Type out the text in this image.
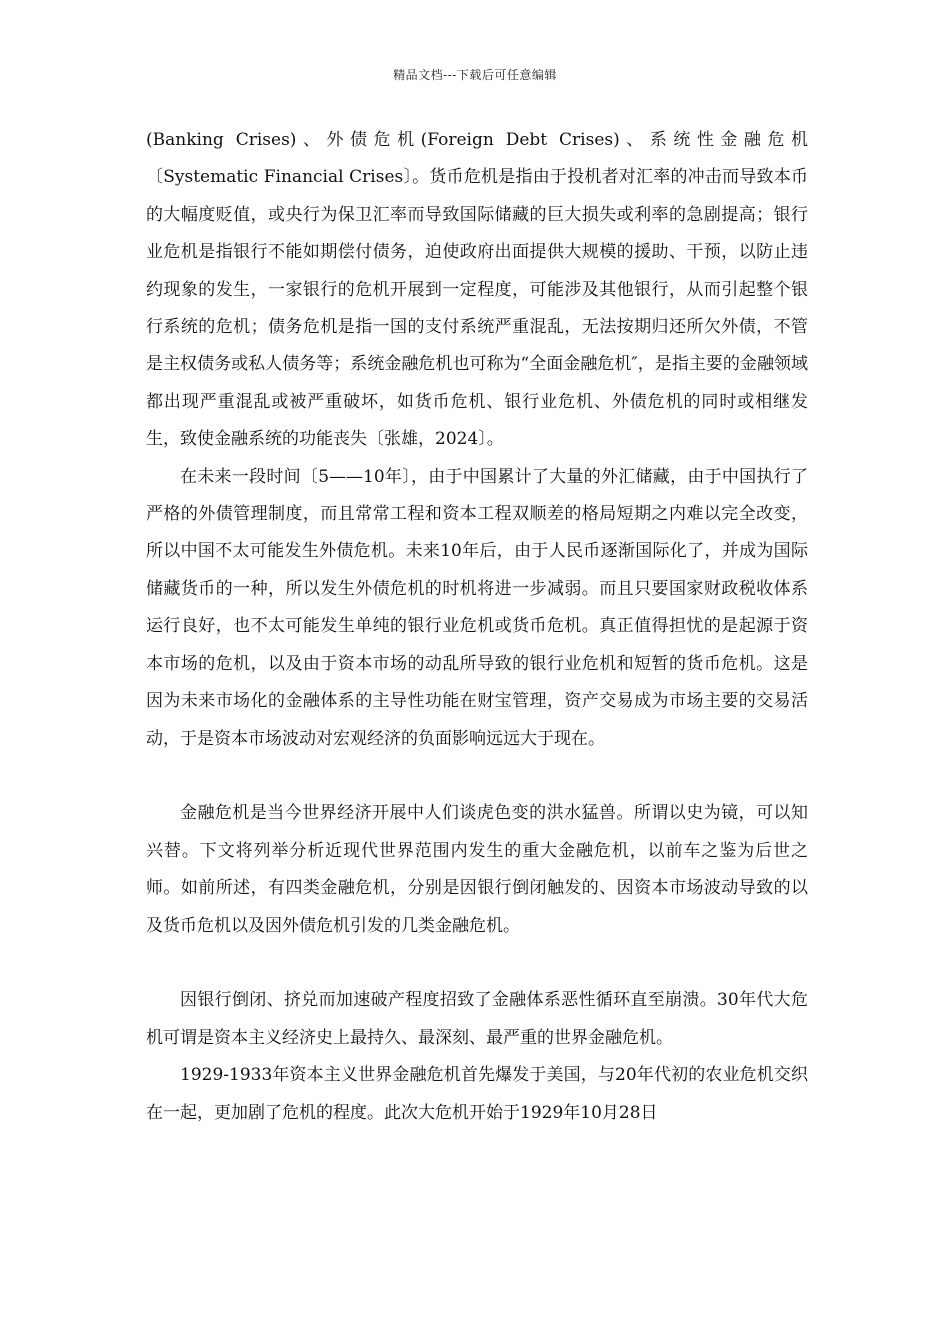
精品文档---下载后可任意编辑

(Banking Crises)、外债危机(Foreign Debt Crises)、系统性金融危机〔Systematic Financial Crises〕。货币危机是指由于投机者对汇率的冲击而导致本币的大幅度贬值，或央行为保卫汇率而导致国际储藏的巨大损失或利率的急剧提高；银行业危机是指银行不能如期偿付债务，迫使政府出面提供大规模的援助、干预，以防止违约现象的发生，一家银行的危机开展到一定程度，可能涉及其他银行，从而引起整个银行系统的危机；债务危机是指一国的支付系统严重混乱，无法按期归还所欠外债，不管是主权债务或私人债务等；系统金融危机也可称为“全面金融危机″，是指主要的金融领域都出现严重混乱或被严重破坏，如货币危机、银行业危机、外债危机的同时或相继发生，致使金融系统的功能丧失〔张雄，2024〕。

在未来一段时间〔5——10年〕，由于中国累计了大量的外汇储藏，由于中国执行了严格的外债管理制度，而且常常工程和资本工程双顺差的格局短期之内难以完全改变，所以中国不太可能发生外债危机。未来10年后，由于人民币逐渐国际化了，并成为国际储藏货币的一种，所以发生外债危机的时机将进一步减弱。而且只要国家财政税收体系运行良好，也不太可能发生单纯的银行业危机或货币危机。真正值得担忧的是起源于资本市场的危机，以及由于资本市场的动乱所导致的银行业危机和短暂的货币危机。这是因为未来市场化的金融体系的主导性功能在财宝管理，资产交易成为市场主要的交易活动，于是资本市场波动对宏观经济的负面影响远远大于现在。

金融危机是当今世界经济开展中人们谈虎色变的洪水猛兽。所谓以史为镜，可以知兴替。下文将列举分析近现代世界范围内发生的重大金融危机，以前车之鉴为后世之师。如前所述，有四类金融危机，分别是因银行倒闭触发的、因资本市场波动导致的以及货币危机以及因外债危机引发的几类金融危机。

因银行倒闭、挤兑而加速破产程度招致了金融体系恶性循环直至崩溃。30年代大危机可谓是资本主义经济史上最持久、最深刻、最严重的世界金融危机。

1929-1933年资本主义世界金融危机首先爆发于美国，与20年代初的农业危机交织在一起，更加剧了危机的程度。此次大危机开始于1929年10月28日
